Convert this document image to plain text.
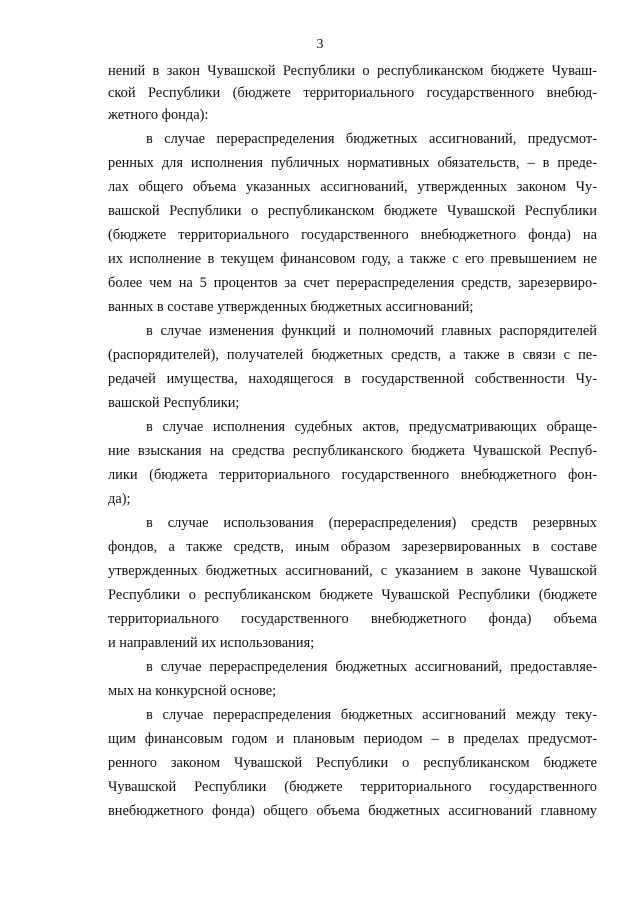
3
нений в закон Чувашской Республики о республиканском бюджете Чуваш-
ской Республики (бюджете территориального государственного внебюд-
жетного фонда):
в случае перераспределения бюджетных ассигнований, предусмот-
ренных для исполнения публичных нормативных обязательств, – в преде-
лах общего объема указанных ассигнований, утвержденных законом Чу-
вашской Республики о республиканском бюджете Чувашской Республики
(бюджете территориального государственного внебюджетного фонда) на
их исполнение в текущем финансовом году, а также с его превышением не
более чем на 5 процентов за счет перераспределения средств, зарезервиро-
ванных в составе утвержденных бюджетных ассигнований;
в случае изменения функций и полномочий главных распорядителей
(распорядителей), получателей бюджетных средств, а также в связи с пе-
редачей имущества, находящегося в государственной собственности Чу-
вашской Республики;
в случае исполнения судебных актов, предусматривающих обраще-
ние взыскания на средства республиканского бюджета Чувашской Респуб-
лики (бюджета территориального государственного внебюджетного фон-
да);
в случае использования (перераспределения) средств резервных
фондов, а также средств, иным образом зарезервированных в составе
утвержденных бюджетных ассигнований, с указанием в законе Чувашской
Республики о республиканском бюджете Чувашской Республики (бюджете
территориального государственного внебюджетного фонда) объема
и направлений их использования;
в случае перераспределения бюджетных ассигнований, предоставляе-
мых на конкурсной основе;
в случае перераспределения бюджетных ассигнований между теку-
щим финансовым годом и плановым периодом – в пределах предусмот-
ренного законом Чувашской Республики о республиканском бюджете
Чувашской Республики (бюджете территориального государственного
внебюджетного фонда) общего объема бюджетных ассигнований главному
